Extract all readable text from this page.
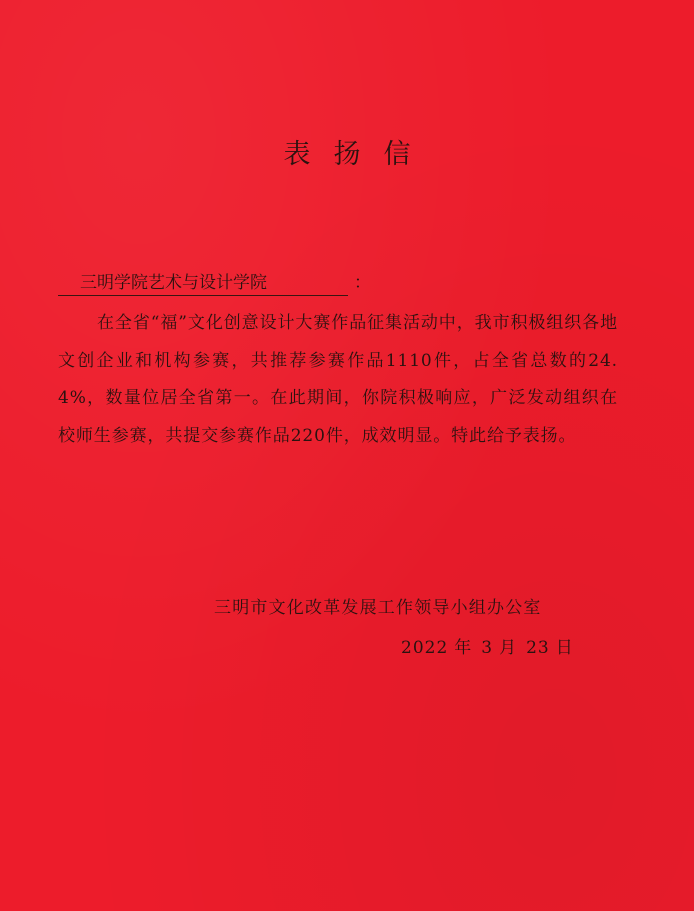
表扬信
三明学院艺术与设计学院	：
在全省“福”文化创意设计大赛作品征集活动中，我市积极组织各地文创企业和机构参赛，共推荐参赛作品1110件，占全省总数的24.4%，数量位居全省第一。在此期间，你院积极响应，广泛发动组织在校师生参赛，共提交参赛作品220件，成效明显。特此给予表扬。
三明市文化改革发展工作领导小组办公室
2022 年 3 月 23 日
